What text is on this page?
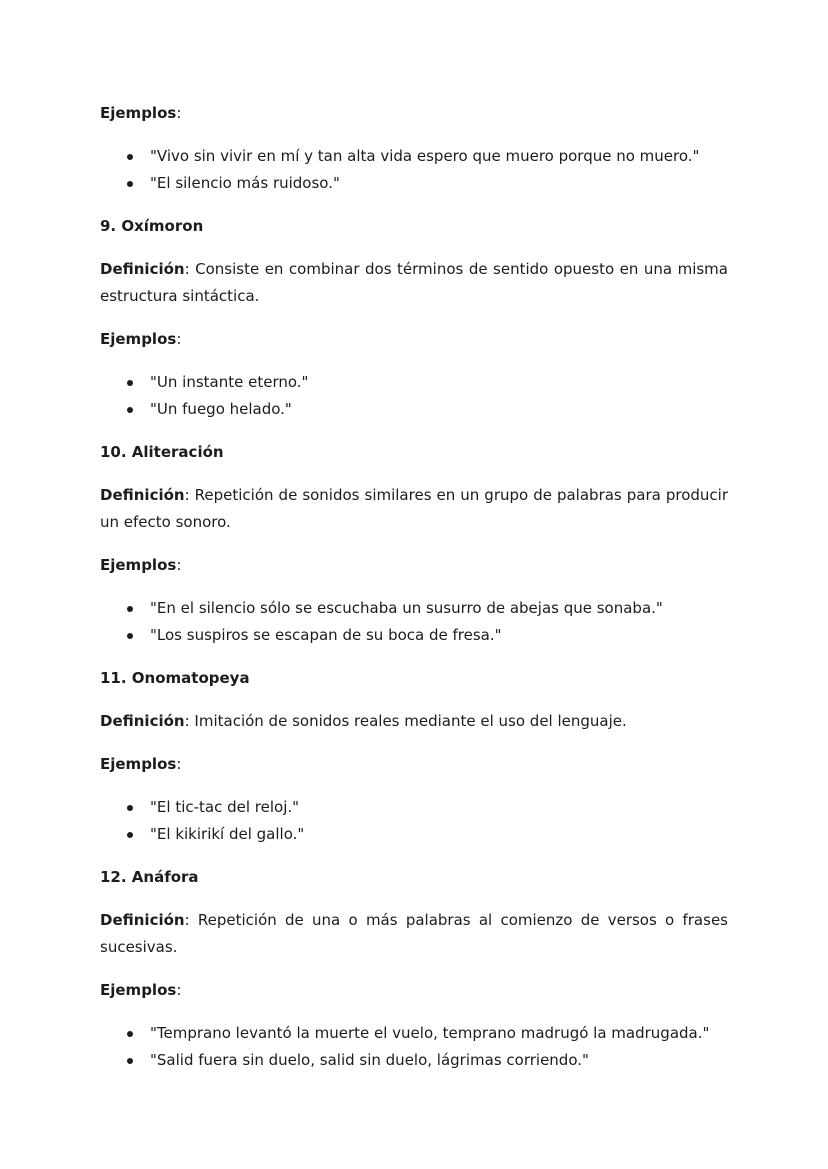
Ejemplos:

"Vivo sin vivir en mí y tan alta vida espero que muero porque no muero."
"El silencio más ruidoso."

9. Oxímoron

Definición: Consiste en combinar dos términos de sentido opuesto en una misma estructura sintáctica.

Ejemplos:

"Un instante eterno."
"Un fuego helado."

10. Aliteración

Definición: Repetición de sonidos similares en un grupo de palabras para producir un efecto sonoro.

Ejemplos:

"En el silencio sólo se escuchaba un susurro de abejas que sonaba."
"Los suspiros se escapan de su boca de fresa."

11. Onomatopeya

Definición: Imitación de sonidos reales mediante el uso del lenguaje.

Ejemplos:

"El tic-tac del reloj."
"El kikirikí del gallo."

12. Anáfora

Definición: Repetición de una o más palabras al comienzo de versos o frases sucesivas.

Ejemplos:

"Temprano levantó la muerte el vuelo, temprano madrugó la madrugada."
"Salid fuera sin duelo, salid sin duelo, lágrimas corriendo."
